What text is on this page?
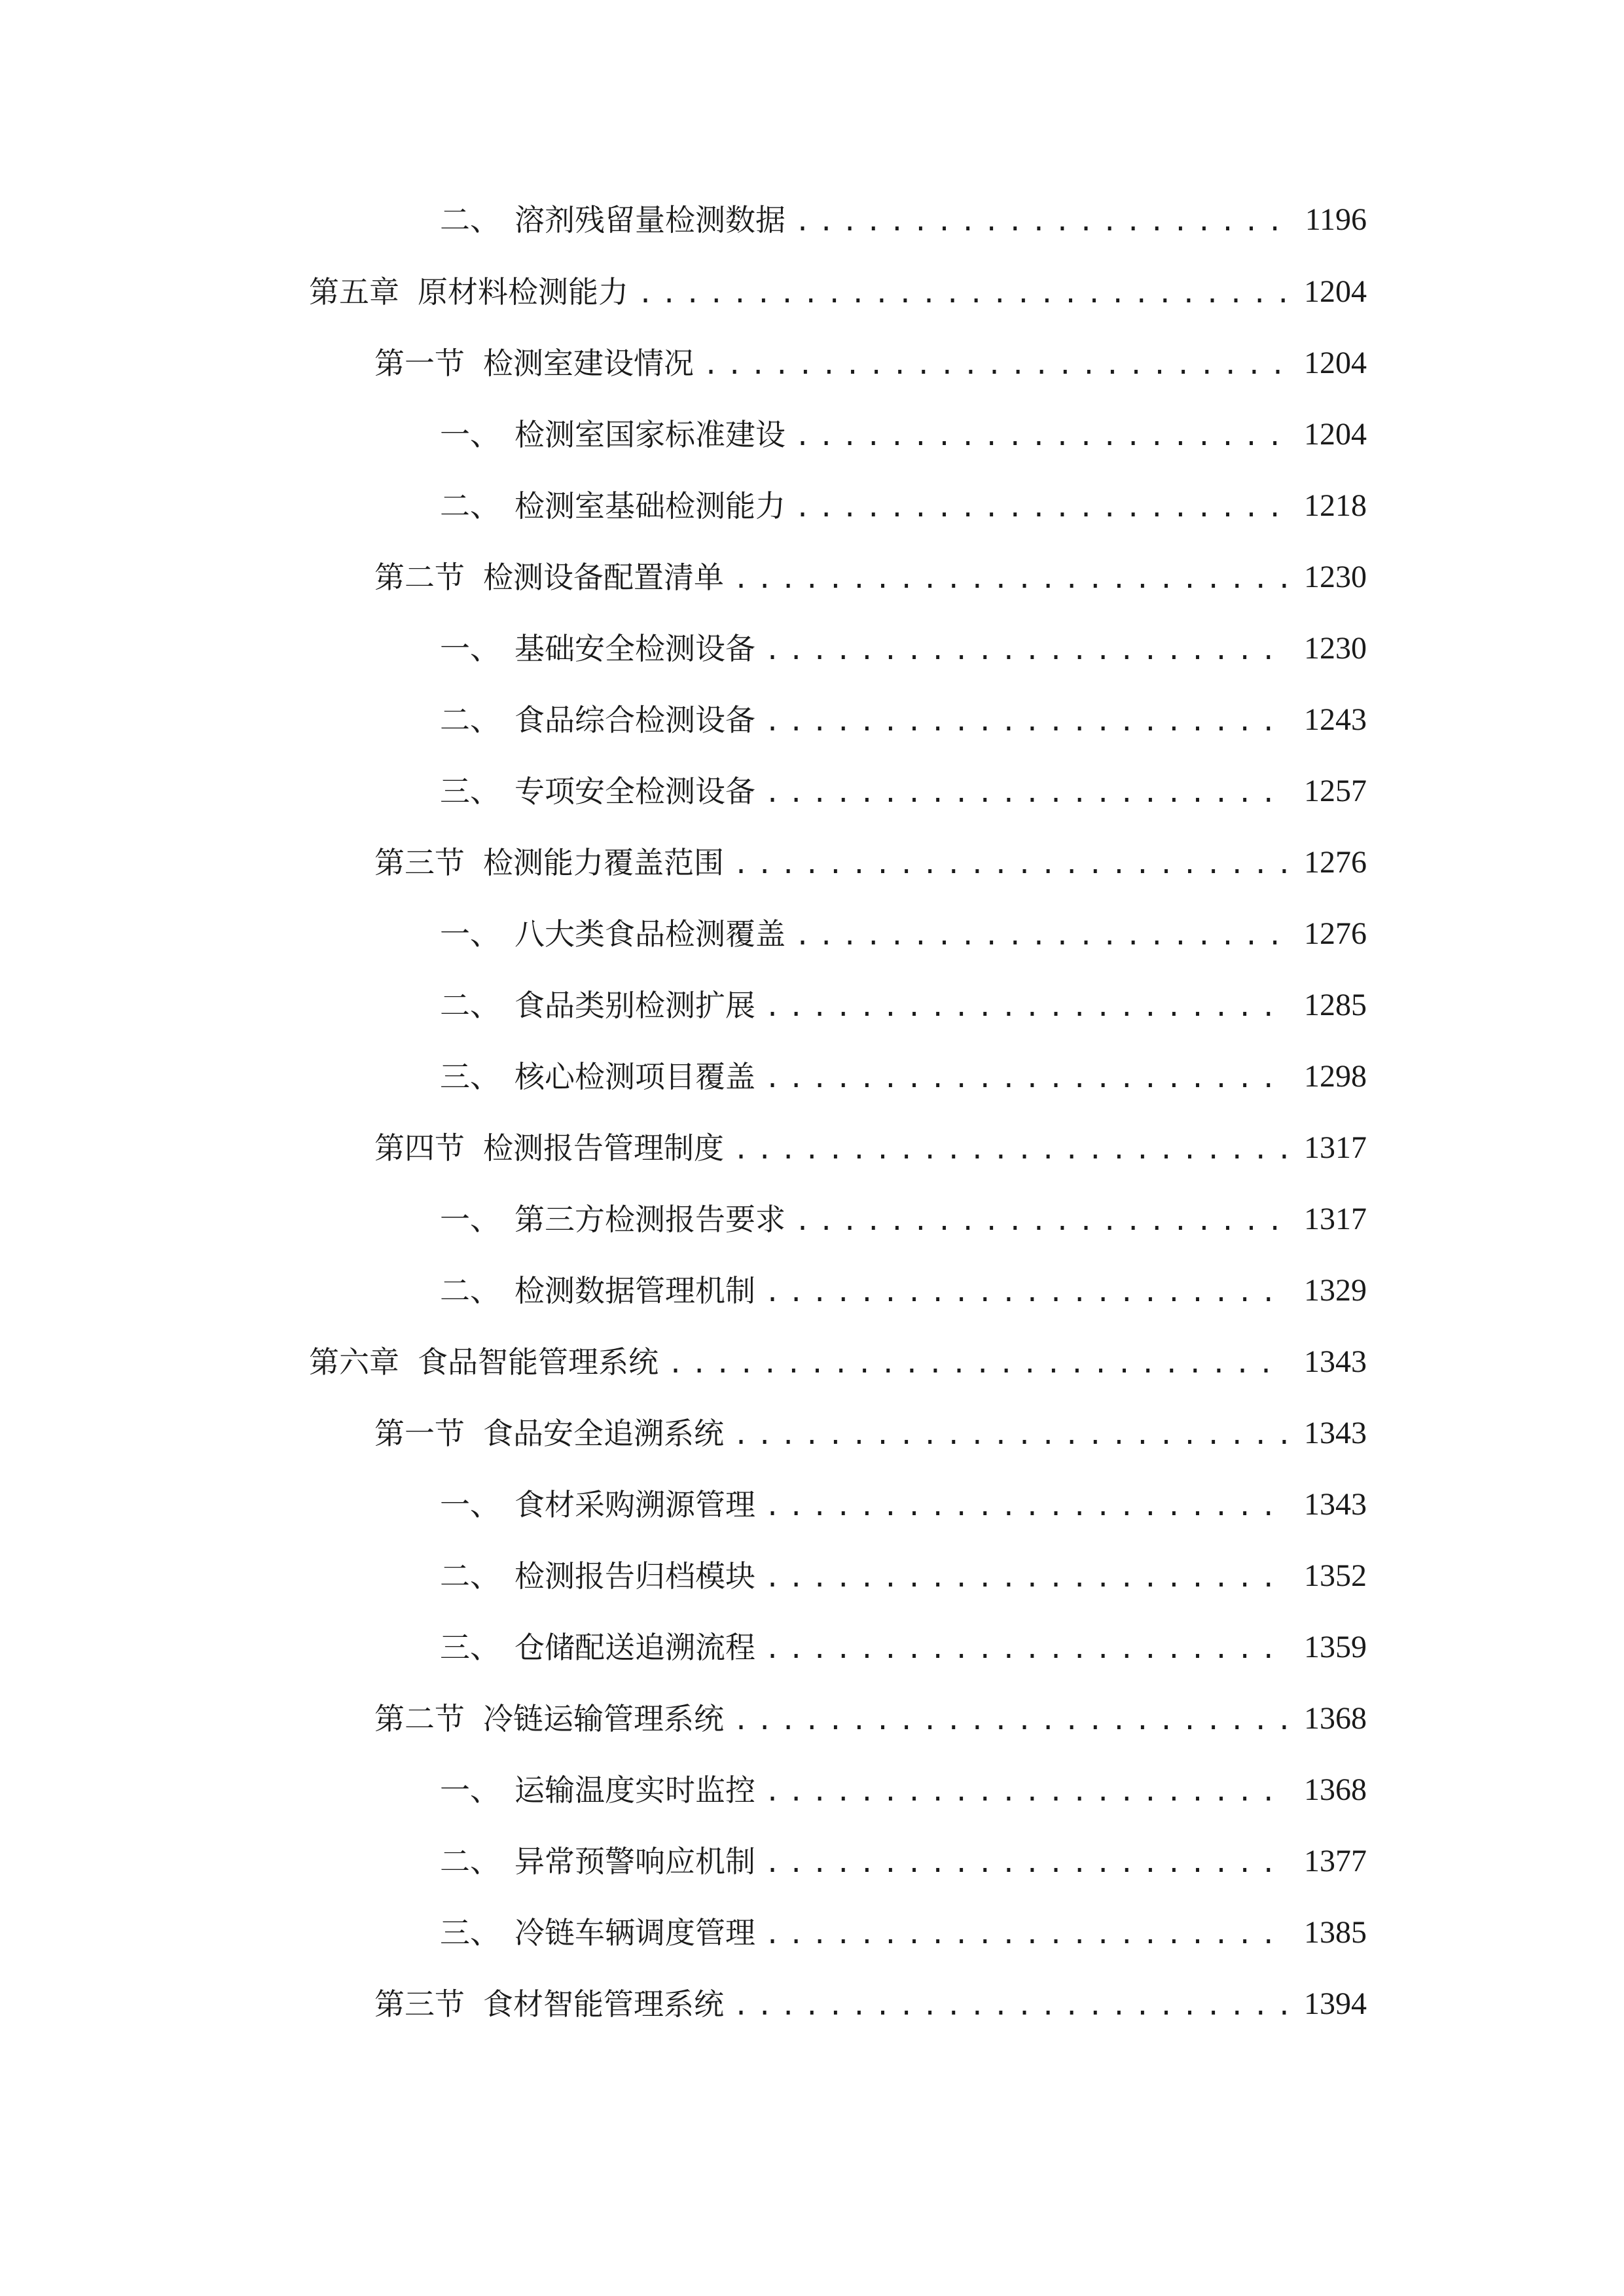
二、 溶剂残留量检测数据 .....	1196
第五章 原材料检测能力 .....	1204
第一节 检测室建设情况 .....	1204
一、 检测室国家标准建设 .....	1204
二、 检测室基础检测能力 .....	1218
第二节 检测设备配置清单 .....	1230
一、 基础安全检测设备 .....	1230
二、 食品综合检测设备 .....	1243
三、 专项安全检测设备 .....	1257
第三节 检测能力覆盖范围 .....	1276
一、 八大类食品检测覆盖 .....	1276
二、 食品类别检测扩展 .....	1285
三、 核心检测项目覆盖 .....	1298
第四节 检测报告管理制度 .....	1317
一、 第三方检测报告要求 .....	1317
二、 检测数据管理机制 .....	1329
第六章 食品智能管理系统 .....	1343
第一节 食品安全追溯系统 .....	1343
一、 食材采购溯源管理 .....	1343
二、 检测报告归档模块 .....	1352
三、 仓储配送追溯流程 .....	1359
第二节 冷链运输管理系统 .....	1368
一、 运输温度实时监控 .....	1368
二、 异常预警响应机制 .....	1377
三、 冷链车辆调度管理 .....	1385
第三节 食材智能管理系统 .....	1394
